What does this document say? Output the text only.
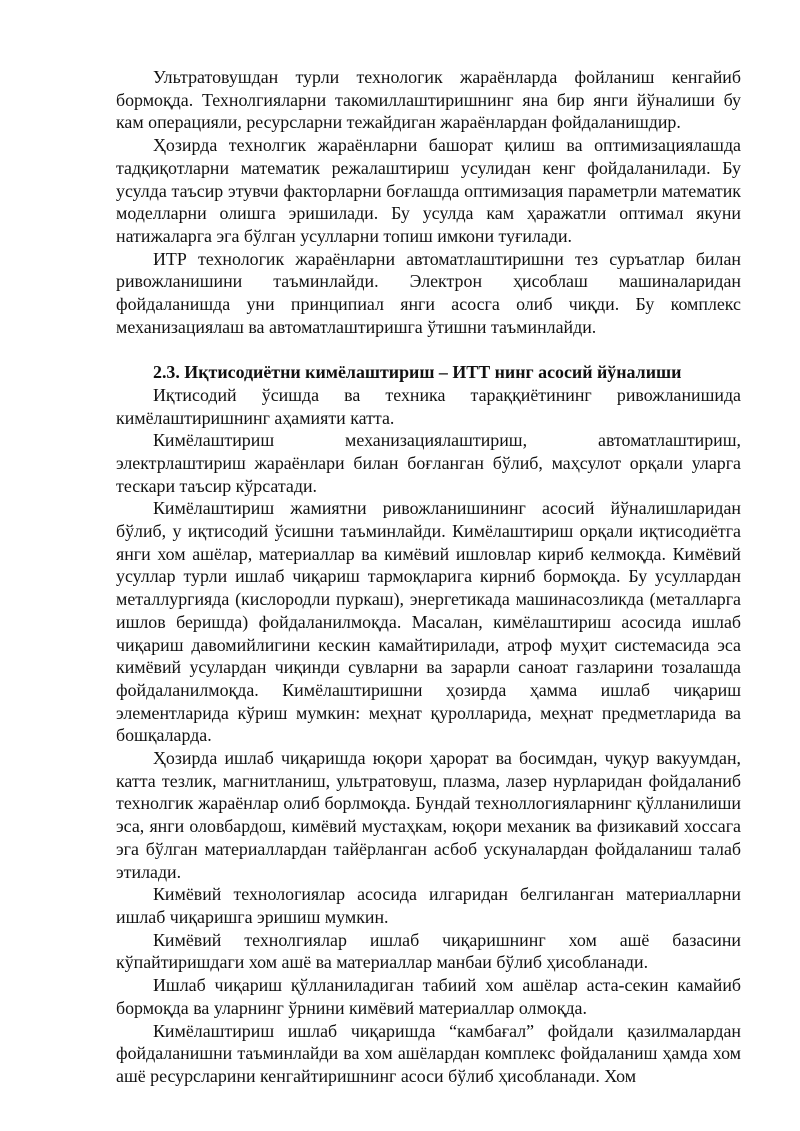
Ультратовушдан турли технологик жараёнларда фойланиш кенгайиб бормоқда. Технолгияларни такомиллаштиришнинг яна бир янги йўналиши бу кам операцияли, ресурсларни тежайдиган жараёнлардан фойдаланишдир.

Ҳозирда технолгик жараёнларни башорат қилиш ва оптимизациялашда тадқиқотларни математик режалаштириш усулидан кенг фойдаланилади. Бу усулда таъсир этувчи факторларни боғлашда оптимизация параметрли математик моделларни олишга эришилади. Бу усулда кам ҳаражатли оптимал якуни натижаларга эга бўлган усулларни топиш имкони туғилади.

ИТР технологик жараёнларни автоматлаштиришни тез суръатлар билан ривожланишини таъминлайди. Электрон ҳисоблаш машиналаридан фойдаланишда уни принципиал янги асосга олиб чиқди. Бу комплекс механизациялаш ва автоматлаштиришга ўтишни таъминлайди.

2.3. Иқтисодиётни кимёлаштириш – ИТТ нинг асосий йўналиши

Иқтисодий ўсишда ва техника тараққиётининг ривожланишида кимёлаштиришнинг аҳамияти катта.

Кимёлаштириш механизациялаштириш, автоматлаштириш, электрлаштириш жараёнлари билан боғланган бўлиб, маҳсулот орқали уларга тескари таъсир кўрсатади.

Кимёлаштириш жамиятни ривожланишининг асосий йўналишларидан бўлиб, у иқтисодий ўсишни таъминлайди. Кимёлаштириш орқали иқтисодиётга янги хом ашёлар, материаллар ва кимёвий ишловлар кириб келмоқда. Кимёвий усуллар турли ишлаб чиқариш тармоқларига кирниб бормоқда. Бу усуллардан металлургияда (кислородли пуркаш), энергетикада машинасозликда (металларга ишлов беришда) фойдаланилмоқда. Масалан, кимёлаштириш асосида ишлаб чиқариш давомийлигини кескин камайтирилади, атроф муҳит системасида эса кимёвий усулардан чиқинди сувларни ва зарарли саноат газларини тозалашда фойдаланилмоқда. Кимёлаштиришни ҳозирда ҳамма ишлаб чиқариш элементларида кўриш мумкин: меҳнат қуролларида, меҳнат предметларида ва бошқаларда.

Ҳозирда ишлаб чиқаришда юқори ҳарорат ва босимдан, чуқур вакуумдан, катта тезлик, магнитланиш, ультратовуш, плазма, лазер нурларидан фойдаланиб технолгик жараёнлар олиб борлмоқда. Бундай техноллогияларнинг қўлланилиши эса, янги оловбардош, кимёвий мустаҳкам, юқори механик ва физикавий хоссага эга бўлган материаллардан тайёрланган асбоб ускуналардан фойдаланиш талаб этилади.

Кимёвий технологиялар асосида илгаридан белгиланган материалларни ишлаб чиқаришга эришиш мумкин.

Кимёвий технолгиялар ишлаб чиқаришнинг хом ашё базасини кўпайтиришдаги хом ашё ва материаллар манбаи бўлиб ҳисобланади.

Ишлаб чиқариш қўлланиладиган табиий хом ашёлар аста-секин камайиб бормоқда ва уларнинг ўрнини кимёвий материаллар олмоқда.

Кимёлаштириш ишлаб чиқаришда “камбағал” фойдали қазилмалардан фойдаланишни таъминлайди ва хом ашёлардан комплекс фойдаланиш ҳамда хом ашё ресурсларини кенгайтиришнинг асоси бўлиб ҳисобланади. Хом
